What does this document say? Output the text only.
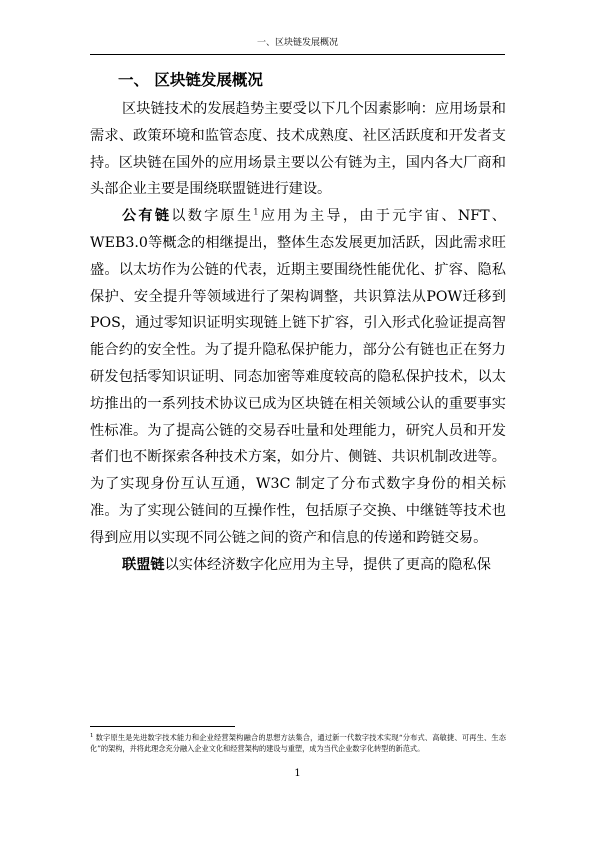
一、区块链发展概况
一、 区块链发展概况

区块链技术的发展趋势主要受以下几个因素影响：应用场景和需求、政策环境和监管态度、技术成熟度、社区活跃度和开发者支持。区块链在国外的应用场景主要以公有链为主，国内各大厂商和头部企业主要是围绕联盟链进行建设。

公有链以数字原生$^1$应用为主导，由于元宇宙、NFT、WEB3.0等概念的相继提出，整体生态发展更加活跃，因此需求旺盛。以太坊作为公链的代表，近期主要围绕性能优化、扩容、隐私保护、安全提升等领域进行了架构调整，共识算法从POW迁移到POS，通过零知识证明实现链上链下扩容，引入形式化验证提高智能合约的安全性。为了提升隐私保护能力，部分公有链也正在努力研发包括零知识证明、同态加密等难度较高的隐私保护技术，以太坊推出的一系列技术协议已成为区块链在相关领域公认的重要事实性标准。为了提高公链的交易吞吐量和处理能力，研究人员和开发者们也不断探索各种技术方案，如分片、侧链、共识机制改进等。为了实现身份互认互通，W3C 制定了分布式数字身份的相关标准。为了实现公链间的互操作性，包括原子交换、中继链等技术也得到应用以实现不同公链之间的资产和信息的传递和跨链交易。

联盟链以实体经济数字化应用为主导，提供了更高的隐私保

$^1$ 数字原生是先进数字技术能力和企业经营架构融合的思想方法集合，通过新一代数字技术实现“分布式、高敏捷、可再生、生态化”的架构，并将此理念充分融入企业文化和经营架构的建设与重塑，成为当代企业数字化转型的新范式。
1
